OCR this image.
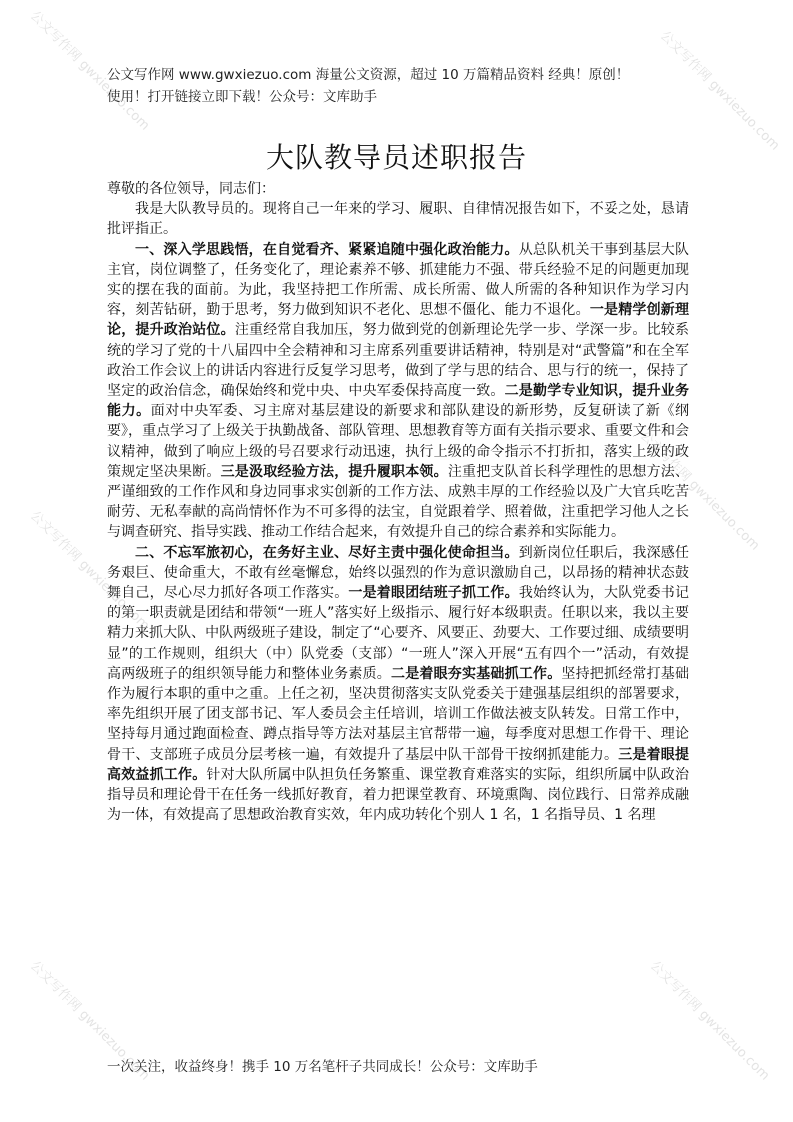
公文写作网 www.gwxiezuo.com 海量公文资源，超过 10 万篇精品资料 经典！原创！
使用！打开链接立即下载！公众号：文库助手
大队教导员述职报告

尊敬的各位领导，同志们：

我是大队教导员的。现将自己一年来的学习、履职、自律情况报告如下，不妥之处，恳请批评指正。

一、深入学思践悟，在自觉看齐、紧紧追随中强化政治能力。从总队机关干事到基层大队主官，岗位调整了，任务变化了，理论素养不够、抓建能力不强、带兵经验不足的问题更加现实的摆在我的面前。为此，我坚持把工作所需、成长所需、做人所需的各种知识作为学习内容，刻苦钻研，勤于思考，努力做到知识不老化、思想不僵化、能力不退化。一是精学创新理论，提升政治站位。注重经常自我加压，努力做到党的创新理论先学一步、学深一步。比较系统的学习了党的十八届四中全会精神和习主席系列重要讲话精神，特别是对“武警篇”和在全军政治工作会议上的讲话内容进行反复学习思考，做到了学与思的结合、思与行的统一，保持了坚定的政治信念，确保始终和党中央、中央军委保持高度一致。二是勤学专业知识，提升业务能力。面对中央军委、习主席对基层建设的新要求和部队建设的新形势，反复研读了新《纲要》，重点学习了上级关于执勤战备、部队管理、思想教育等方面有关指示要求、重要文件和会议精神，做到了响应上级的号召要求行动迅速，执行上级的命令指示不打折扣，落实上级的政策规定坚决果断。三是汲取经验方法，提升履职本领。注重把支队首长科学理性的思想方法、严谨细致的工作作风和身边同事求实创新的工作方法、成熟丰厚的工作经验以及广大官兵吃苦耐劳、无私奉献的高尚情怀作为不可多得的法宝，自觉跟着学、照着做，注重把学习他人之长与调查研究、指导实践、推动工作结合起来，有效提升自己的综合素养和实际能力。

二、不忘军旅初心，在务好主业、尽好主责中强化使命担当。到新岗位任职后，我深感任务艰巨、使命重大，不敢有丝毫懈怠，始终以强烈的作为意识激励自己，以昂扬的精神状态鼓舞自己，尽心尽力抓好各项工作落实。一是着眼团结班子抓工作。我始终认为，大队党委书记的第一职责就是团结和带领“一班人”落实好上级指示、履行好本级职责。任职以来，我以主要精力来抓大队、中队两级班子建设，制定了“心要齐、风要正、劲要大、工作要过细、成绩要明显”的工作规则，组织大（中）队党委（支部）“一班人”深入开展“五有四个一”活动，有效提高两级班子的组织领导能力和整体业务素质。二是着眼夯实基础抓工作。坚持把抓经常打基础作为履行本职的重中之重。上任之初，坚决贯彻落实支队党委关于建强基层组织的部署要求，率先组织开展了团支部书记、军人委员会主任培训，培训工作做法被支队转发。日常工作中，坚持每月通过跑面检查、蹲点指导等方法对基层主官帮带一遍，每季度对思想工作骨干、理论骨干、支部班子成员分层考核一遍，有效提升了基层中队干部骨干按纲抓建能力。三是着眼提高效益抓工作。针对大队所属中队担负任务繁重、课堂教育难落实的实际，组织所属中队政治指导员和理论骨干在任务一线抓好教育，着力把课堂教育、环境熏陶、岗位践行、日常养成融为一体，有效提高了思想政治教育实效，年内成功转化个别人 1 名，1 名指导员、1 名理

一次关注，收益终身！携手 10 万名笔杆子共同成长！公众号：文库助手
公文写作网 gwxiezuo.com	公文写作网 gwxiezuo.com
公文写作网 gwxiezuo.com
公文写作网 gwxiezuo.com
公文写作网 gwxiezuo.com	公文写作网 gwxiezuo.com
